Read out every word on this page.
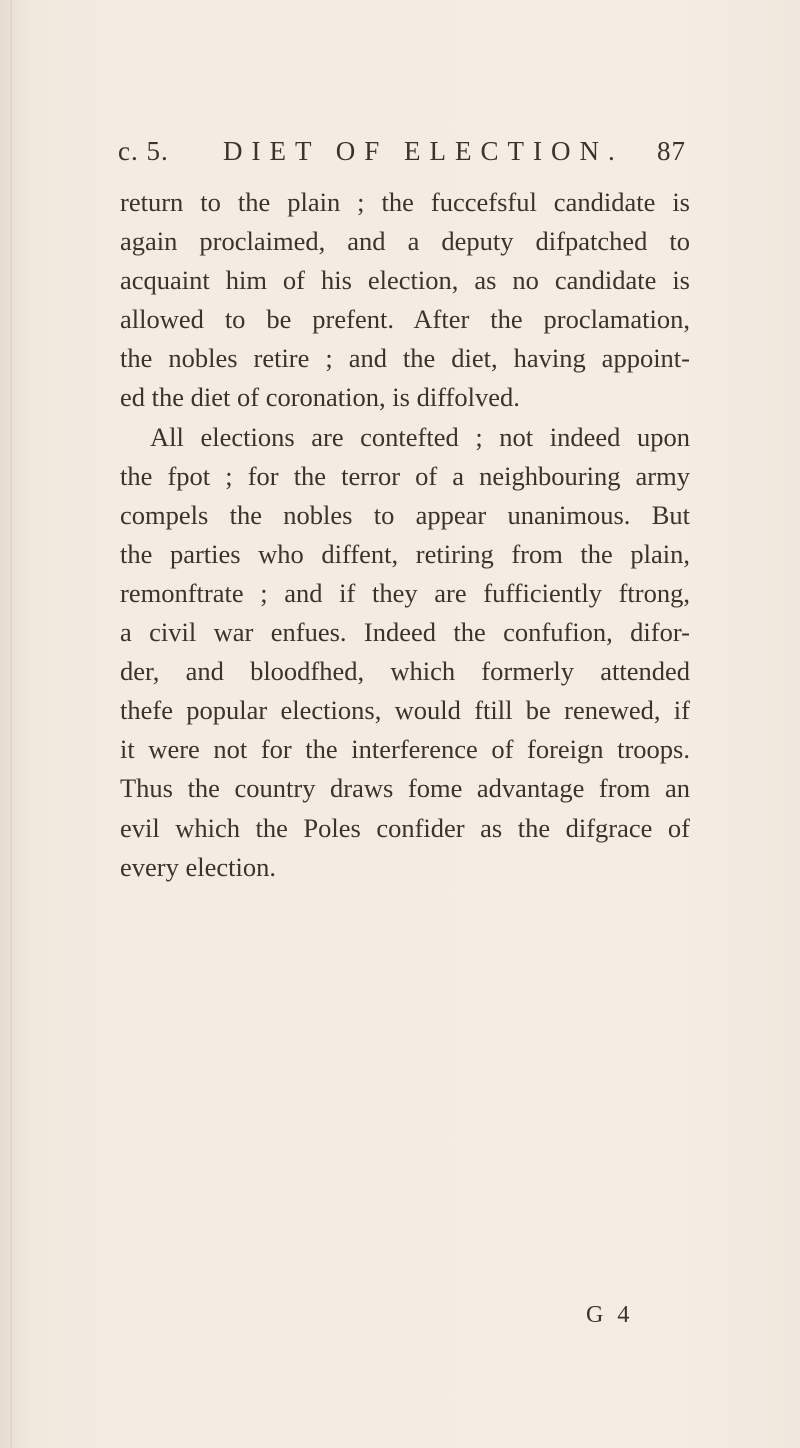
c. 5. DIET OF ELECTION. 87
return to the plain ; the fuccefsful candidate is
again proclaimed, and a deputy difpatched to
acquaint him of his election, as no candidate is
allowed to be prefent. After the proclamation,
the nobles retire ; and the diet, having appoint-
ed the diet of coronation, is diffolved.
All elections are contefted ; not indeed upon
the fpot ; for the terror of a neighbouring army
compels the nobles to appear unanimous. But
the parties who diffent, retiring from the plain,
remonftrate ; and if they are fufficiently ftrong,
a civil war enfues. Indeed the confufion, difor-
der, and bloodfhed, which formerly attended
thefe popular elections, would ftill be renewed, if
it were not for the interference of foreign troops.
Thus the country draws fome advantage from an
evil which the Poles confider as the difgrace of
every election.
G 4
